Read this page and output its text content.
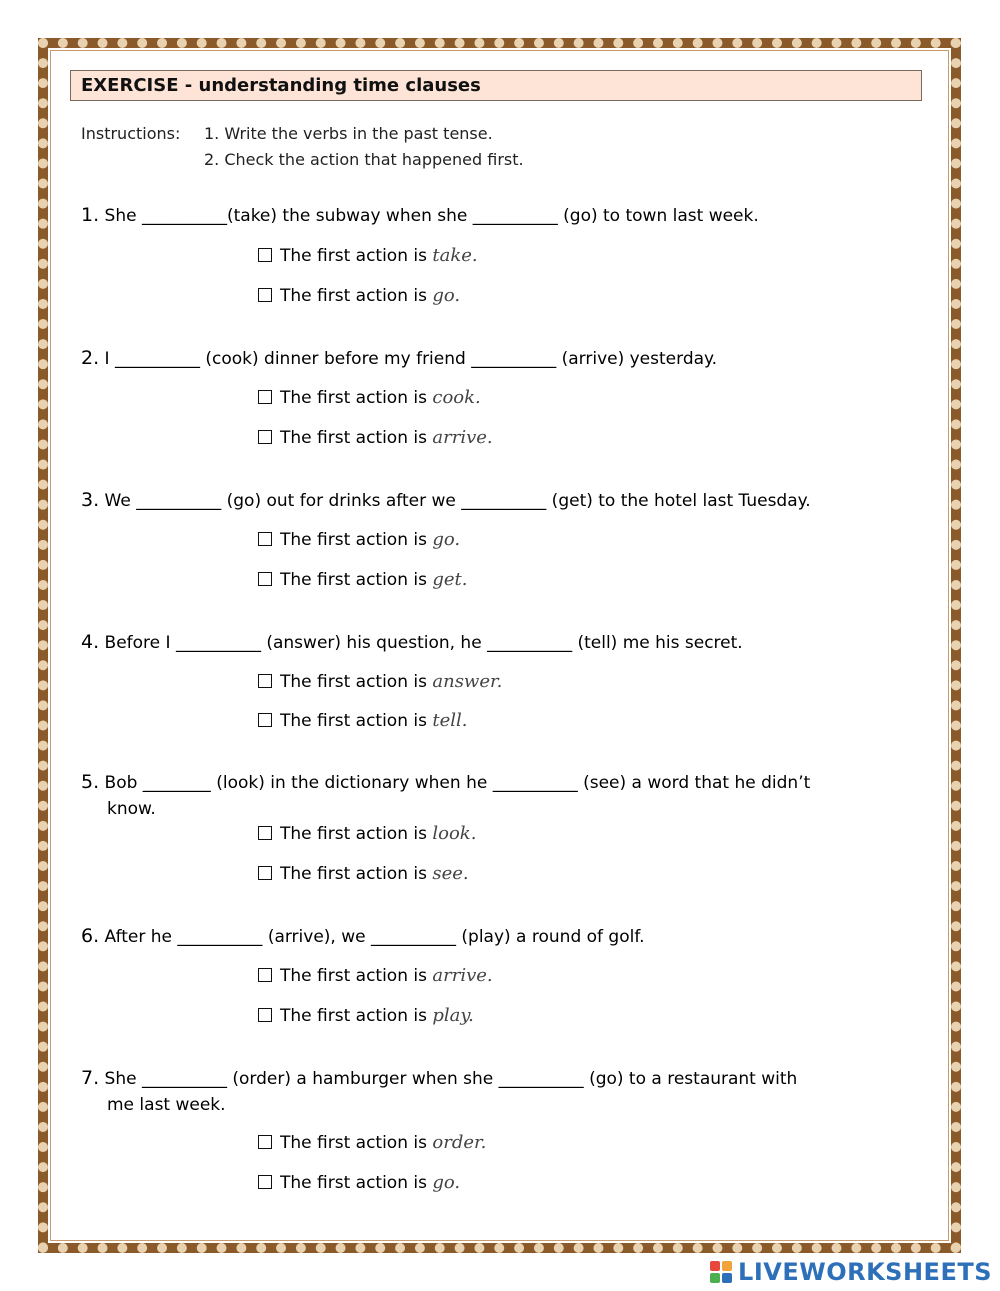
EXERCISE - understanding time clauses
Instructions: 1. Write the verbs in the past tense.
2. Check the action that happened first.
1. She __________(take) the subway when she __________ (go) to town last week.
The first action is take.
The first action is go.
2. I __________ (cook) dinner before my friend __________ (arrive) yesterday.
The first action is cook.
The first action is arrive.
3. We __________ (go) out for drinks after we __________ (get) to the hotel last Tuesday.
The first action is go.
The first action is get.
4. Before I __________ (answer) his question, he __________ (tell) me his secret.
The first action is answer.
The first action is tell.
5. Bob ________ (look) in the dictionary when he __________ (see) a word that he didn’t
know.
The first action is look.
The first action is see.
6. After he __________ (arrive), we __________ (play) a round of golf.
The first action is arrive.
The first action is play.
7. She __________ (order) a hamburger when she __________ (go) to a restaurant with
me last week.
The first action is order.
The first action is go.
LIVEWORKSHEETS
